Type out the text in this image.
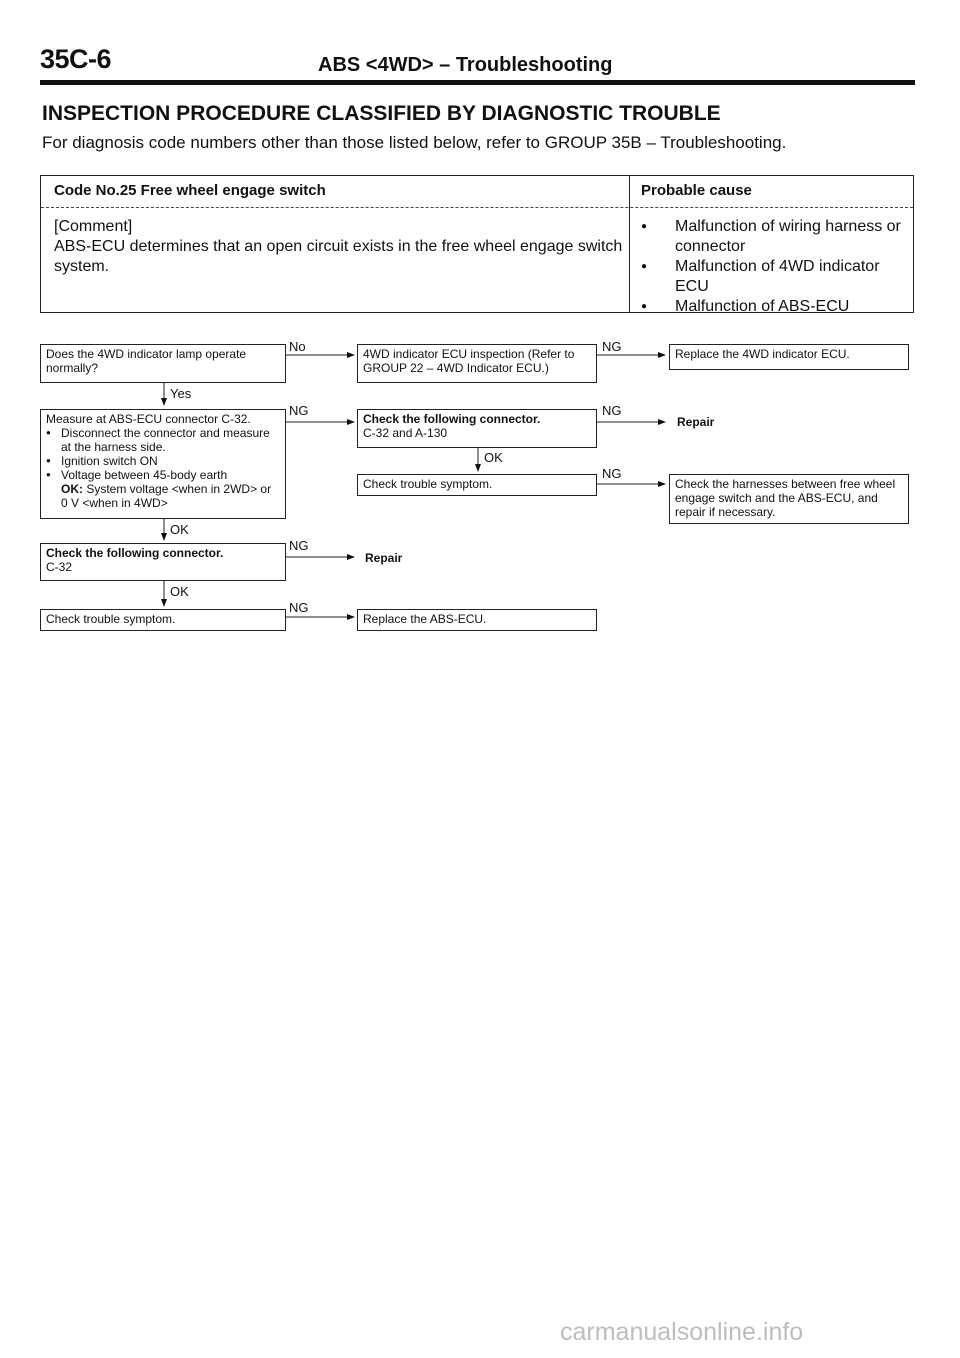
35C-6	ABS <4WD> – Troubleshooting
INSPECTION PROCEDURE CLASSIFIED BY DIAGNOSTIC TROUBLE
For diagnosis code numbers other than those listed below, refer to GROUP 35B – Troubleshooting.
Code No.25 Free wheel engage switch	Probable cause
[Comment]
ABS-ECU determines that an open circuit exists in the free wheel engage switch system.
● Malfunction of wiring harness or connector
● Malfunction of 4WD indicator ECU
● Malfunction of ABS-ECU
Does the 4WD indicator lamp operate normally?
4WD indicator ECU inspection (Refer to GROUP 22 – 4WD Indicator ECU.)
Replace the 4WD indicator ECU.
Measure at ABS-ECU connector C-32.
● Disconnect the connector and measure at the harness side.
● Ignition switch ON
● Voltage between 45-body earth
OK: System voltage <when in 2WD> or 0 V <when in 4WD>
Check the following connector.
C-32 and A-130
Repair
Check trouble symptom.	Check the harnesses between free wheel engage switch and the ABS-ECU, and repair if necessary.
Check the following connector.
C-32
Repair
Check trouble symptom.	Replace the ABS-ECU.
No
Yes
NG
NG	NG
OK
NG
OK
NG
OK
NG
carmanualsonline.info
